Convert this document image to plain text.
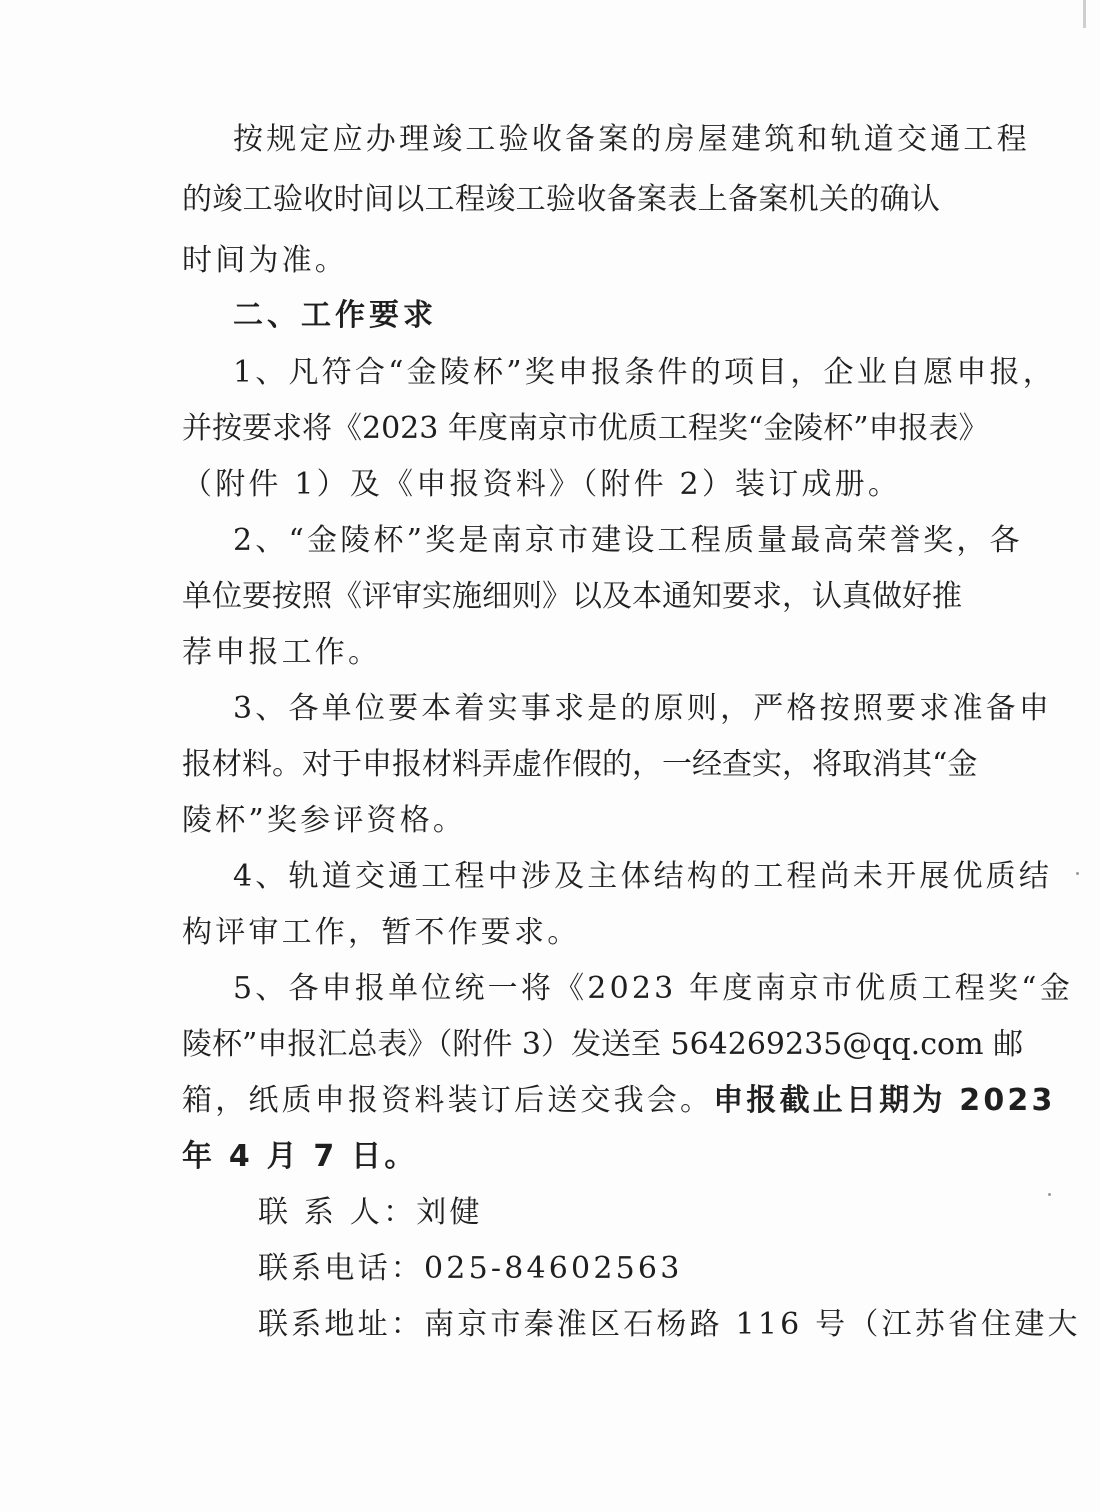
按规定应办理竣工验收备案的房屋建筑和轨道交通工程
的竣工验收时间以工程竣工验收备案表上备案机关的确认
时间为准。
二、工作要求
1、凡符合“金陵杯”奖申报条件的项目，企业自愿申报，
并按要求将《2023 年度南京市优质工程奖“金陵杯”申报表》
（附件 1）及《申报资料》（附件 2）装订成册。
2、“金陵杯”奖是南京市建设工程质量最高荣誉奖，各
单位要按照《评审实施细则》以及本通知要求，认真做好推
荐申报工作。
3、各单位要本着实事求是的原则，严格按照要求准备申
报材料。对于申报材料弄虚作假的，一经查实，将取消其“金
陵杯”奖参评资格。
4、轨道交通工程中涉及主体结构的工程尚未开展优质结
构评审工作，暂不作要求。
5、各申报单位统一将《2023 年度南京市优质工程奖“金
陵杯”申报汇总表》（附件 3）发送至 564269235@qq.com 邮
箱，纸质申报资料装订后送交我会。申报截止日期为 2023
年 4 月 7 日。
联 系 人：刘健
联系电话：025-84602563
联系地址：南京市秦淮区石杨路 116 号（江苏省住建大
